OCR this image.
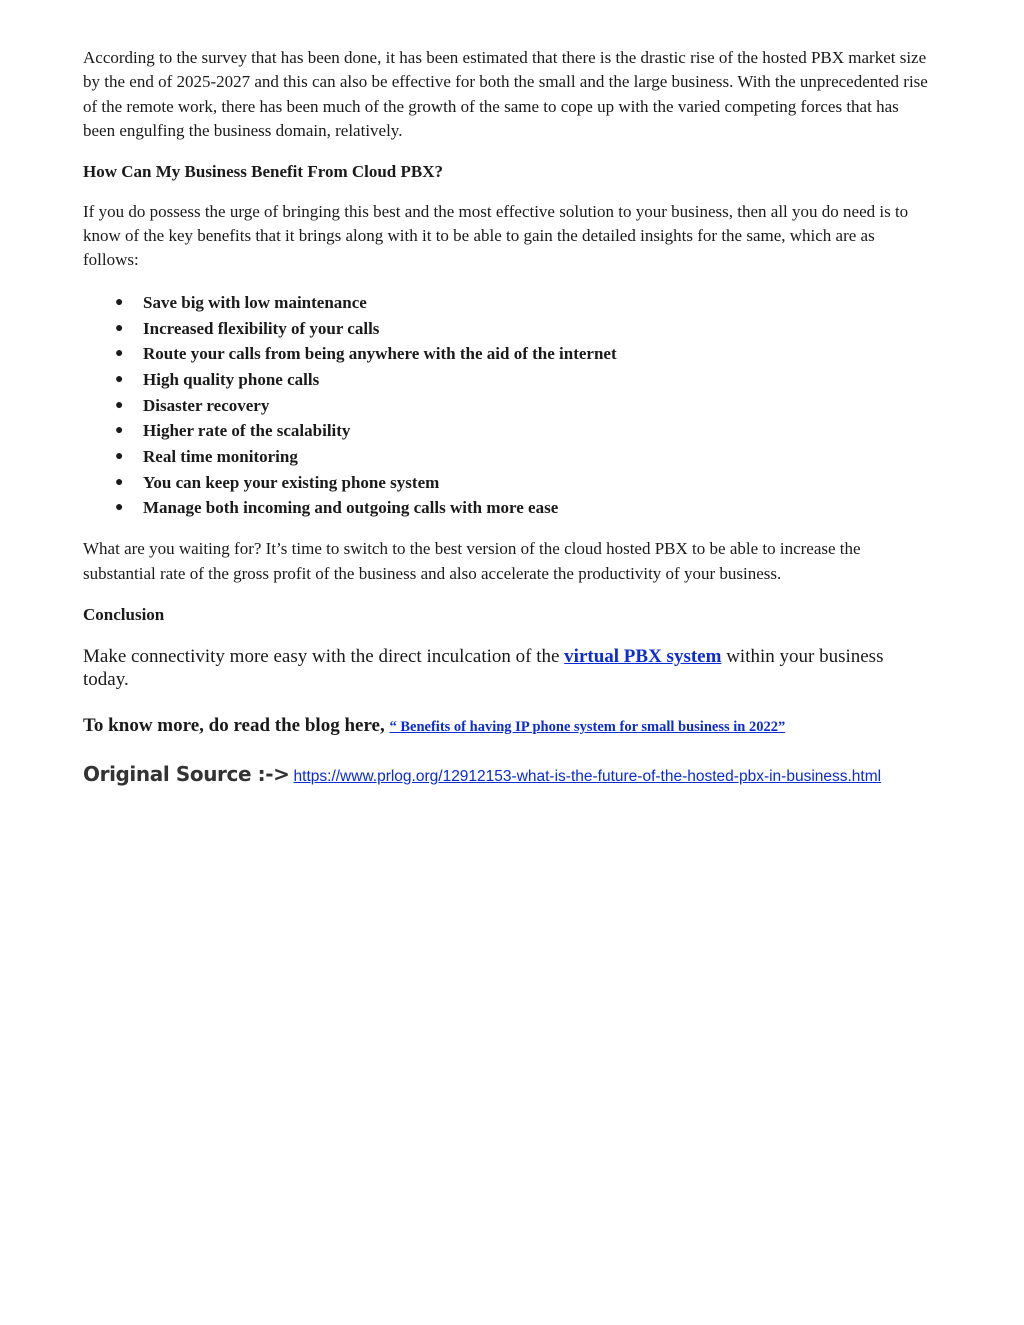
According to the survey that has been done, it has been estimated that there is the drastic rise of the hosted PBX market size by the end of 2025-2027 and this can also be effective for both the small and the large business. With the unprecedented rise of the remote work, there has been much of the growth of the same to cope up with the varied competing forces that has been engulfing the business domain, relatively.

How Can My Business Benefit From Cloud PBX?

If you do possess the urge of bringing this best and the most effective solution to your business, then all you do need is to know of the key benefits that it brings along with it to be able to gain the detailed insights for the same, which are as follows:

● Save big with low maintenance
● Increased flexibility of your calls
● Route your calls from being anywhere with the aid of the internet
● High quality phone calls
● Disaster recovery
● Higher rate of the scalability
● Real time monitoring
● You can keep your existing phone system
● Manage both incoming and outgoing calls with more ease

What are you waiting for? It’s time to switch to the best version of the cloud hosted PBX to be able to increase the substantial rate of the gross profit of the business and also accelerate the productivity of your business.

Conclusion

Make connectivity more easy with the direct inculcation of the virtual PBX system within your business today.

To know more, do read the blog here, “ Benefits of having IP phone system for small business in 2022”

Original Source :-> https://www.prlog.org/12912153-what-is-the-future-of-the-hosted-pbx-in-business.html
